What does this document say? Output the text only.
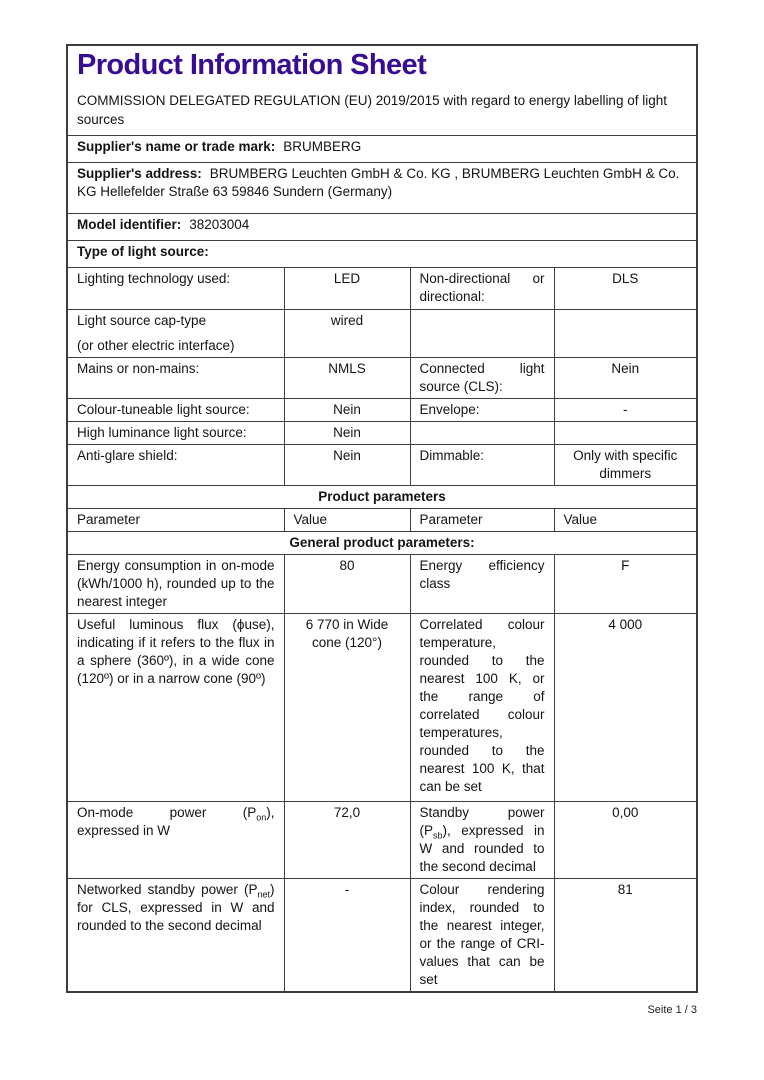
Product Information Sheet

COMMISSION DELEGATED REGULATION (EU) 2019/2015 with regard to energy labelling of light sources

Supplier's name or trade mark: BRUMBERG			
Supplier's address: BRUMBERG Leuchten GmbH & Co. KG , BRUMBERG Leuchten GmbH & Co. KG Hellefelder Straße 63 59846 Sundern (Germany)			
Model identifier: 38203004			
Type of light source:			
Lighting technology used:	LED	Non-directional or directional:	DLS

Light source cap-type
(or other electric interface)	wired		
Mains or non-mains:	NMLS	Connected light source (CLS):	Nein
Colour-tuneable light source:	Nein	Envelope:	-
High luminance light source:	Nein		
Anti-glare shield:	Nein	Dimmable:	Only with specific dimmers

Product parameters			
Parameter	Value	Parameter	Value
General product parameters:			
Energy consumption in on-mode (kWh/1000 h), rounded up to the nearest integer	80	Energy efficiency class	F
Useful luminous flux (ϕuse), indicating if it refers to the flux in a sphere (360º), in a wide cone (120º) or in a narrow cone (90º)	6 770 in Wide cone (120°)	Correlated colour temperature, rounded to the nearest 100 K, or the range of correlated colour temperatures, rounded to the nearest 100 K, that can be set	4 000
On-mode power $(P_{on})$, expressed in W	72,0	Standby power $(P_{sb})$, expressed in W and rounded to the second decimal	0,00
Networked standby power $(P_{net})$ for CLS, expressed in W and rounded to the second decimal	-	Colour rendering index, rounded to the nearest integer, or the range of CRI-values that can be set	81
Seite 1 / 3
